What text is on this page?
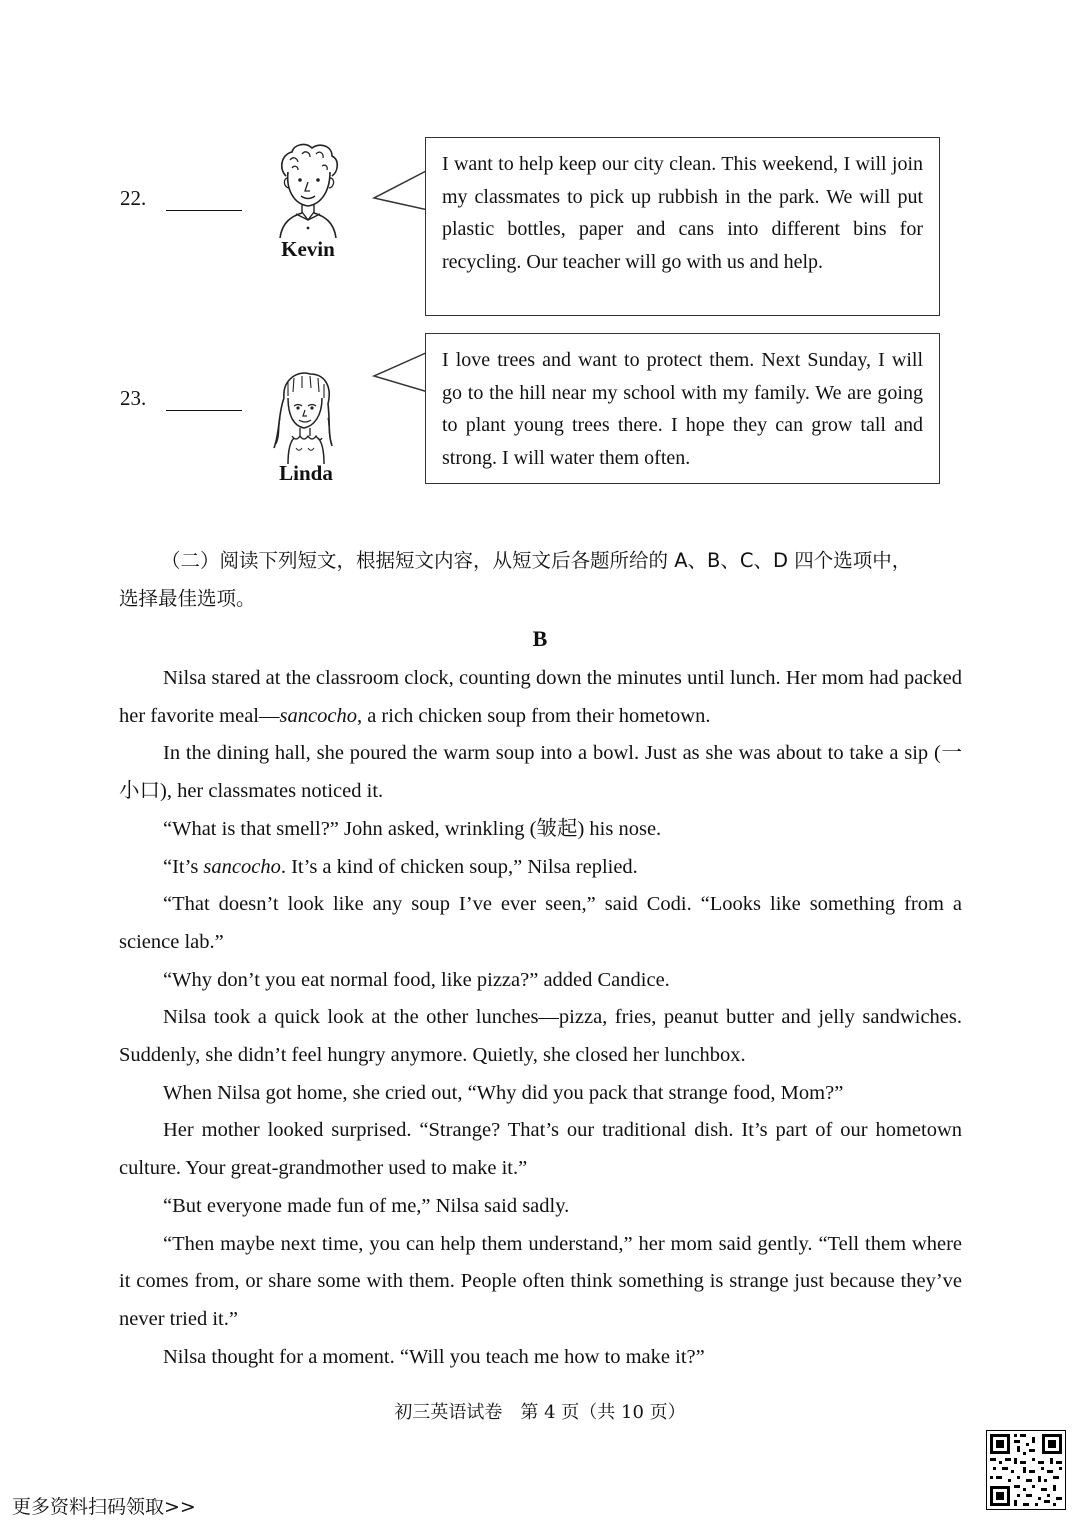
22.
Kevin
I want to help keep our city clean. This weekend, I will join my classmates to pick up rubbish in the park. We will put plastic bottles, paper and cans into different bins for recycling. Our teacher will go with us and help.
23.
Linda
I love trees and want to protect them. Next Sunday, I will go to the hill near my school with my family. We are going to plant young trees there. I hope they can grow tall and strong. I will water them often.
（二）阅读下列短文，根据短文内容，从短文后各题所给的 A、B、C、D 四个选项中，
选择最佳选项。
B

Nilsa stared at the classroom clock, counting down the minutes until lunch. Her mom had packed her favorite meal—sancocho, a rich chicken soup from their hometown.

In the dining hall, she poured the warm soup into a bowl. Just as she was about to take a sip (一小口), her classmates noticed it.

“What is that smell?” John asked, wrinkling (皱起) his nose.

“It’s sancocho. It’s a kind of chicken soup,” Nilsa replied.

“That doesn’t look like any soup I’ve ever seen,” said Codi. “Looks like something from a science lab.”

“Why don’t you eat normal food, like pizza?” added Candice.

Nilsa took a quick look at the other lunches—pizza, fries, peanut butter and jelly sandwiches. Suddenly, she didn’t feel hungry anymore. Quietly, she closed her lunchbox.

When Nilsa got home, she cried out, “Why did you pack that strange food, Mom?”

Her mother looked surprised. “Strange? That’s our traditional dish. It’s part of our hometown culture. Your great-grandmother used to make it.”

“But everyone made fun of me,” Nilsa said sadly.

“Then maybe next time, you can help them understand,” her mom said gently. “Tell them where it comes from, or share some with them. People often think something is strange just because they’ve never tried it.”

Nilsa thought for a moment. “Will you teach me how to make it?”

初三英语试卷　第 4 页（共 10 页）
更多资料扫码领取>>
